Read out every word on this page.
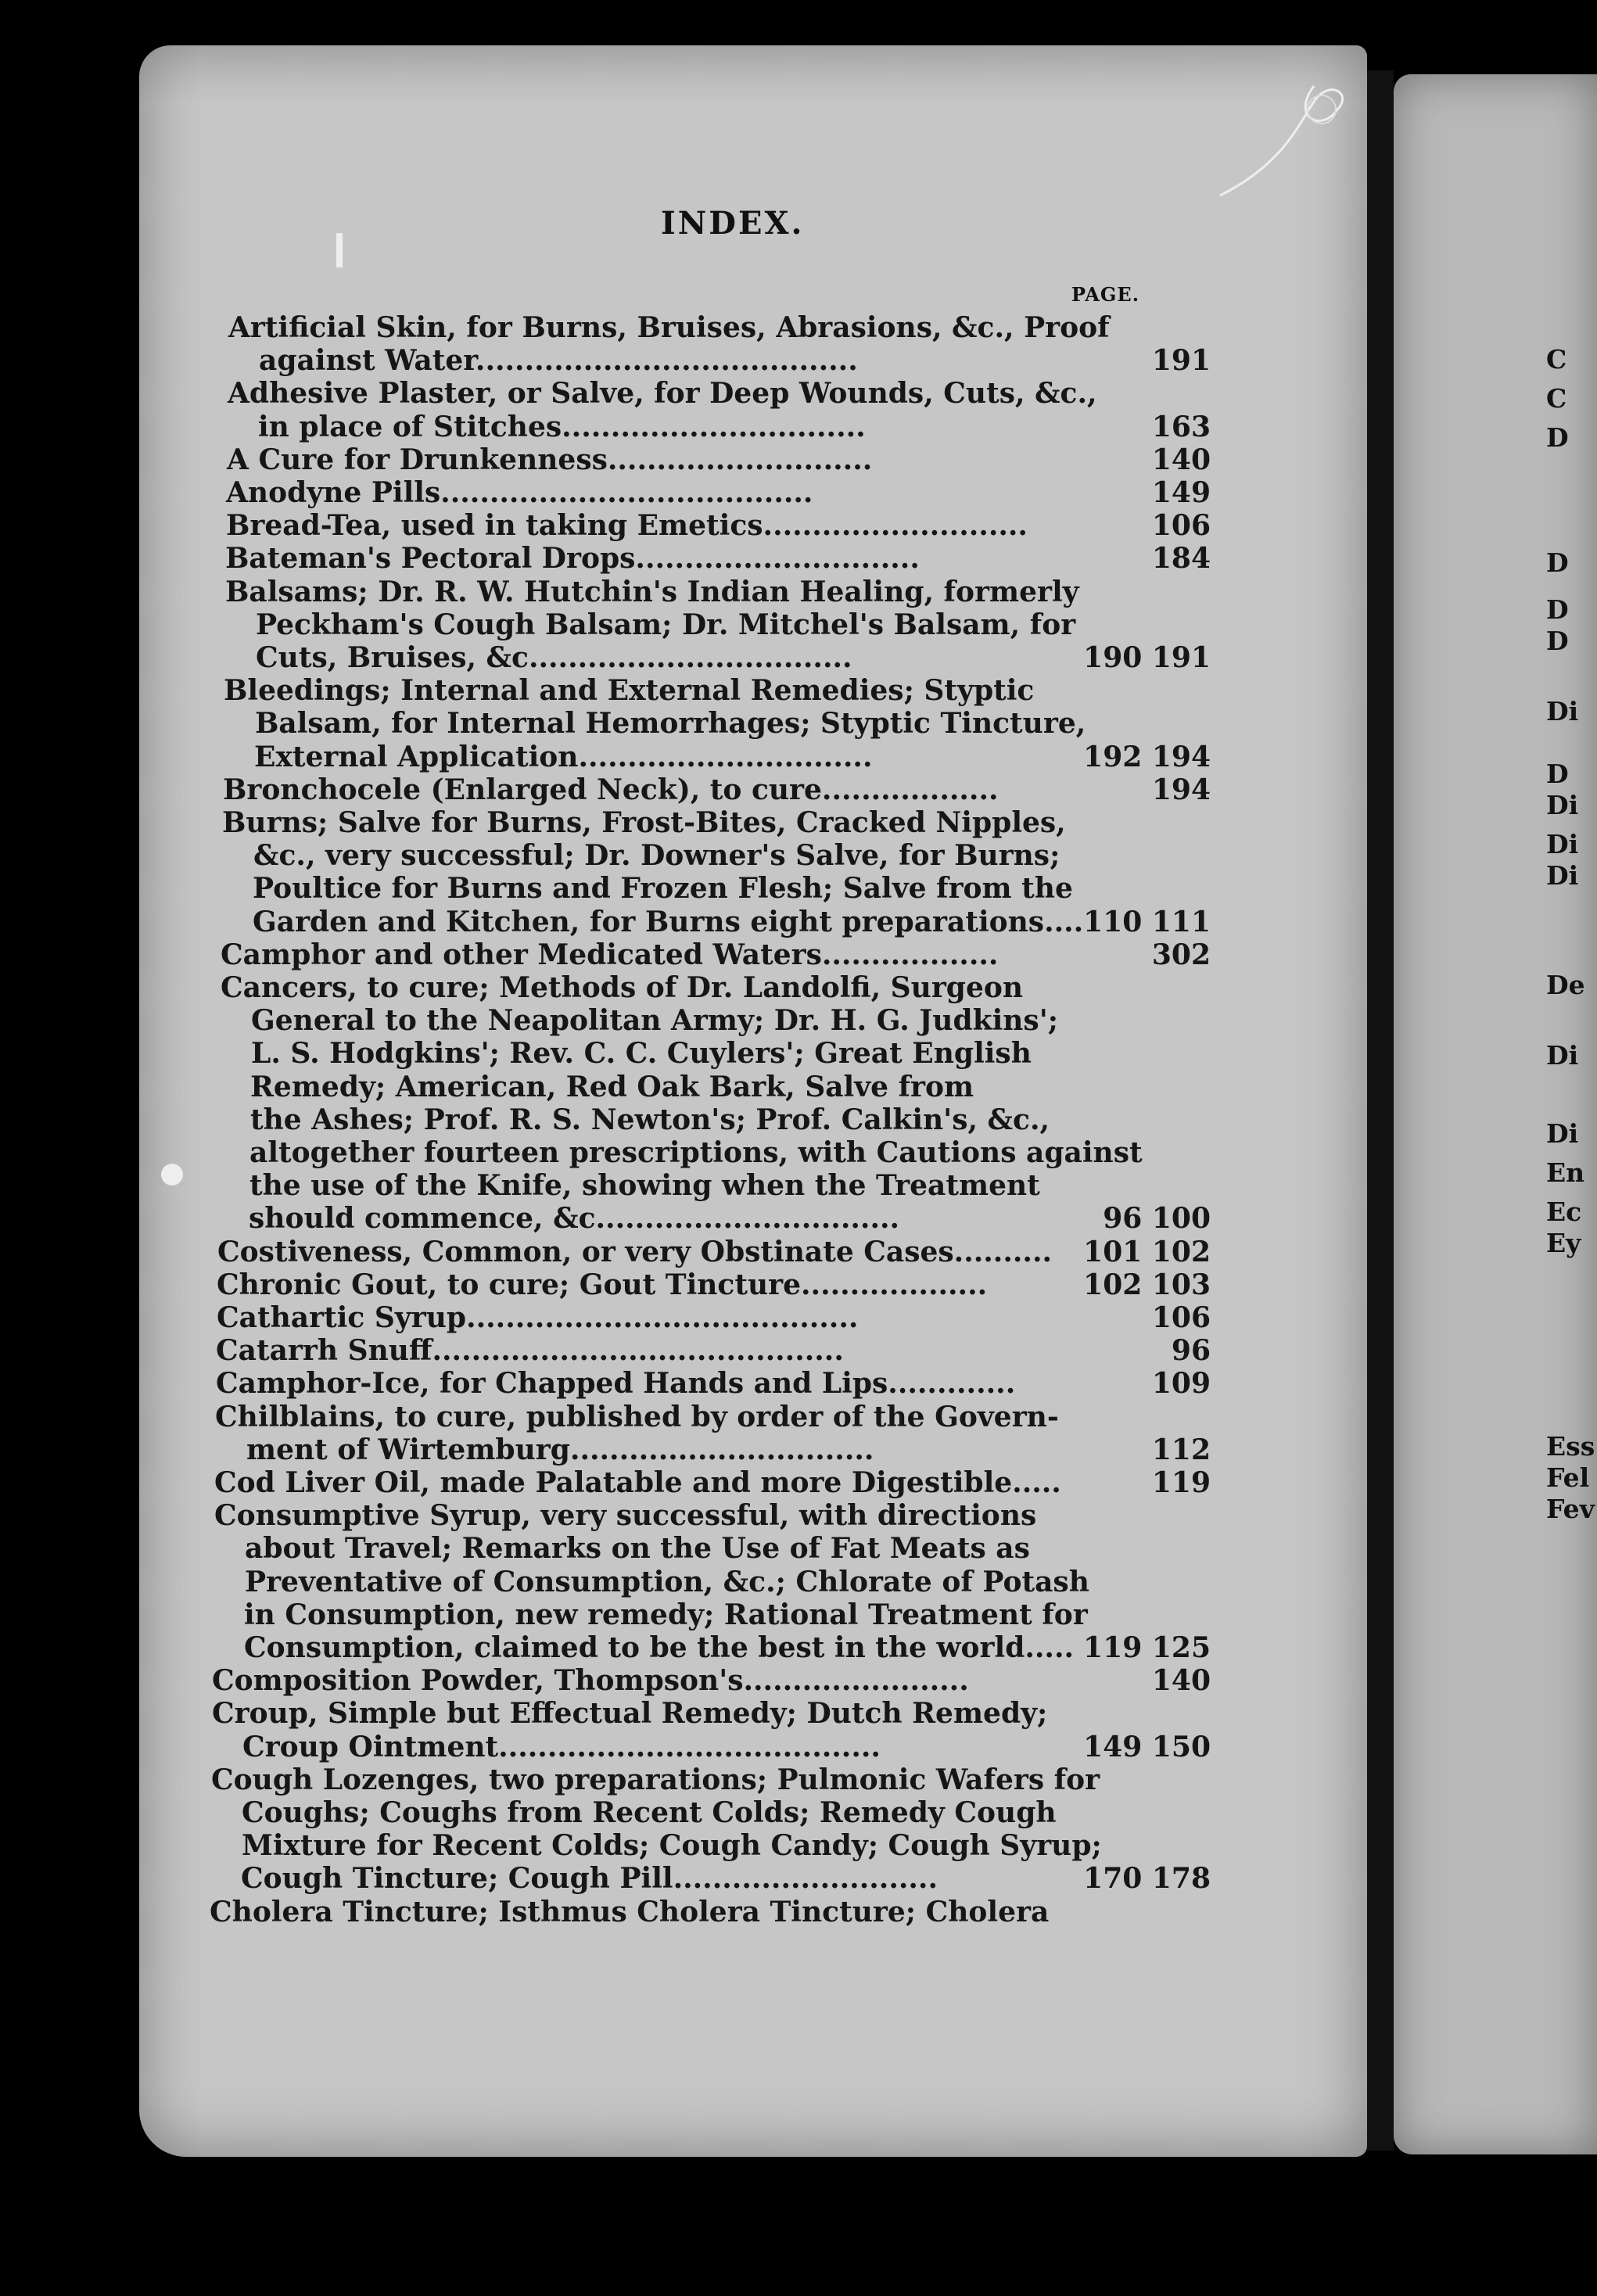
C
C
D
D
D
D
Di
D
Di
Di
Di
De
Di
Di
En
Ec
Ey
Ess
Fel
Fev
INDEX.
PAGE.
Artificial Skin, for Burns, Bruises, Abrasions, &c., Proof
against Water.......................................	191
Adhesive Plaster, or Salve, for Deep Wounds, Cuts, &c.,
in place of Stitches...............................	163
A Cure for Drunkenness...........................	140
Anodyne Pills......................................	149
Bread-Tea, used in taking Emetics...........................	106
Bateman's Pectoral Drops.............................	184
Balsams; Dr. R. W. Hutchin's Indian Healing, formerly
Peckham's Cough Balsam; Dr. Mitchel's Balsam, for
Cuts, Bruises, &c.................................	190 191
Bleedings; Internal and External Remedies; Styptic
Balsam, for Internal Hemorrhages; Styptic Tincture,
External Application..............................	192 194
Bronchocele (Enlarged Neck), to cure..................	194
Burns; Salve for Burns, Frost-Bites, Cracked Nipples,
&c., very successful; Dr. Downer's Salve, for Burns;
Poultice for Burns and Frozen Flesh; Salve from the
Garden and Kitchen, for Burns eight preparations.... 110 111
Camphor and other Medicated Waters..................	302
Cancers, to cure; Methods of Dr. Landolfi, Surgeon
General to the Neapolitan Army; Dr. H. G. Judkins';
L. S. Hodgkins'; Rev. C. C. Cuylers'; Great English
Remedy; American, Red Oak Bark, Salve from
the Ashes; Prof. R. S. Newton's; Prof. Calkin's, &c.,
altogether fourteen prescriptions, with Cautions against
the use of the Knife, showing when the Treatment
should commence, &c...............................	96 100
Costiveness, Common, or very Obstinate Cases..........	101 102
Chronic Gout, to cure; Gout Tincture...................	102 103
Cathartic Syrup........................................	106
Catarrh Snuff..........................................	96
Camphor-Ice, for Chapped Hands and Lips.............	109
Chilblains, to cure, published by order of the Govern-
ment of Wirtemburg...............................	112
Cod Liver Oil, made Palatable and more Digestible.....	119
Consumptive Syrup, very successful, with directions
about Travel; Remarks on the Use of Fat Meats as
Preventative of Consumption, &c.; Chlorate of Potash
in Consumption, new remedy; Rational Treatment for
Consumption, claimed to be the best in the world..... 119 125
Composition Powder, Thompson's.......................	140
Croup, Simple but Effectual Remedy; Dutch Remedy;
Croup Ointment.......................................	149 150
Cough Lozenges, two preparations; Pulmonic Wafers for
Coughs; Coughs from Recent Colds; Remedy Cough
Mixture for Recent Colds; Cough Candy; Cough Syrup;
Cough Tincture; Cough Pill...........................	170 178
Cholera Tincture; Isthmus Cholera Tincture; Cholera
